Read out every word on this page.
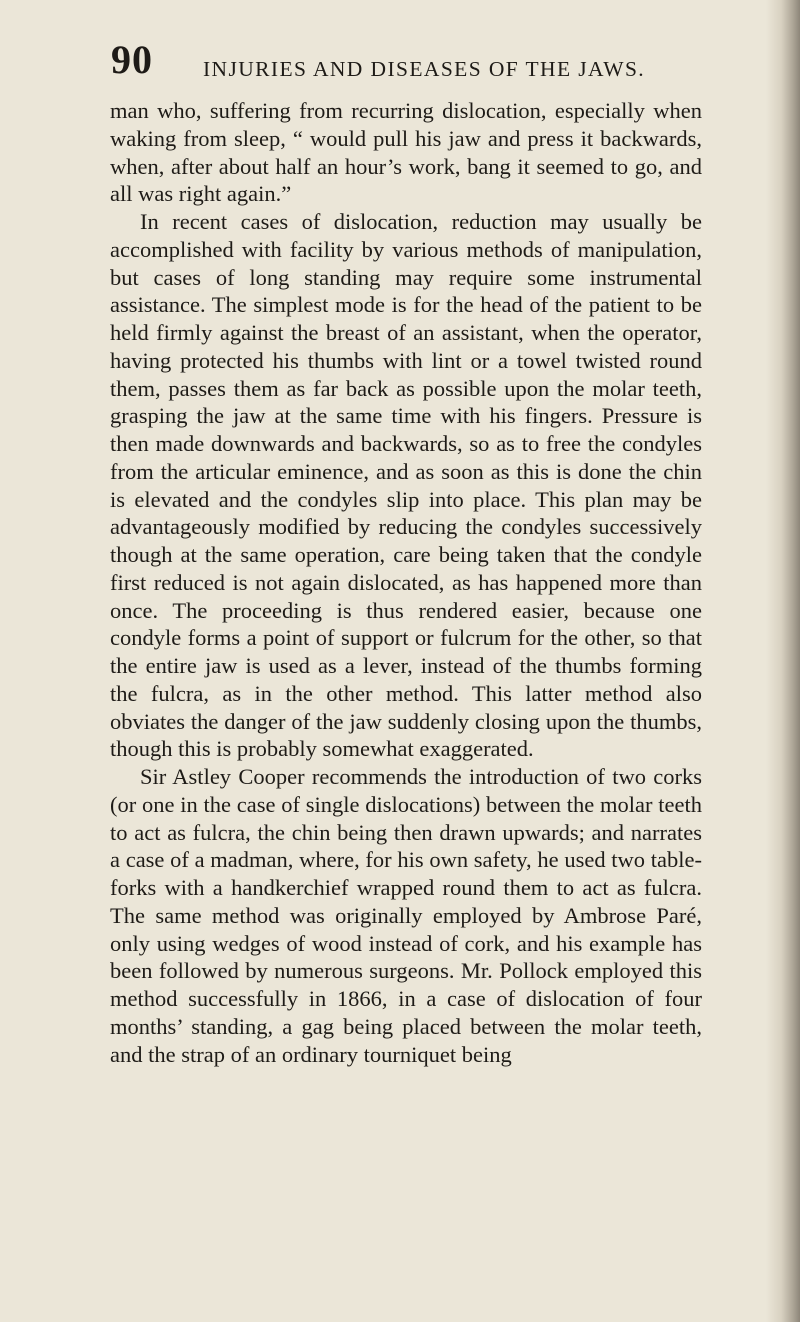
90 INJURIES AND DISEASES OF THE JAWS.

man who, suffering from recurring dislocation, especially when waking from sleep, “ would pull his jaw and press it backwards, when, after about half an hour’s work, bang it seemed to go, and all was right again.”

In recent cases of dislocation, reduction may usually be accomplished with facility by various methods of manipulation, but cases of long standing may require some instrumental assistance. The simplest mode is for the head of the patient to be held firmly against the breast of an assistant, when the operator, having protected his thumbs with lint or a towel twisted round them, passes them as far back as possible upon the molar teeth, grasping the jaw at the same time with his fingers. Pressure is then made downwards and backwards, so as to free the condyles from the articular eminence, and as soon as this is done the chin is elevated and the condyles slip into place. This plan may be advantageously modified by reducing the condyles successively though at the same operation, care being taken that the condyle first reduced is not again dislocated, as has happened more than once. The proceeding is thus rendered easier, because one condyle forms a point of support or fulcrum for the other, so that the entire jaw is used as a lever, instead of the thumbs forming the fulcra, as in the other method. This latter method also obviates the danger of the jaw suddenly closing upon the thumbs, though this is probably somewhat exaggerated.

Sir Astley Cooper recommends the introduction of two corks (or one in the case of single dislocations) between the molar teeth to act as fulcra, the chin being then drawn upwards; and narrates a case of a madman, where, for his own safety, he used two table-forks with a handkerchief wrapped round them to act as fulcra. The same method was originally employed by Ambrose Paré, only using wedges of wood instead of cork, and his example has been followed by numerous surgeons. Mr. Pollock employed this method successfully in 1866, in a case of dislocation of four months’ standing, a gag being placed between the molar teeth, and the strap of an ordinary tourniquet being
